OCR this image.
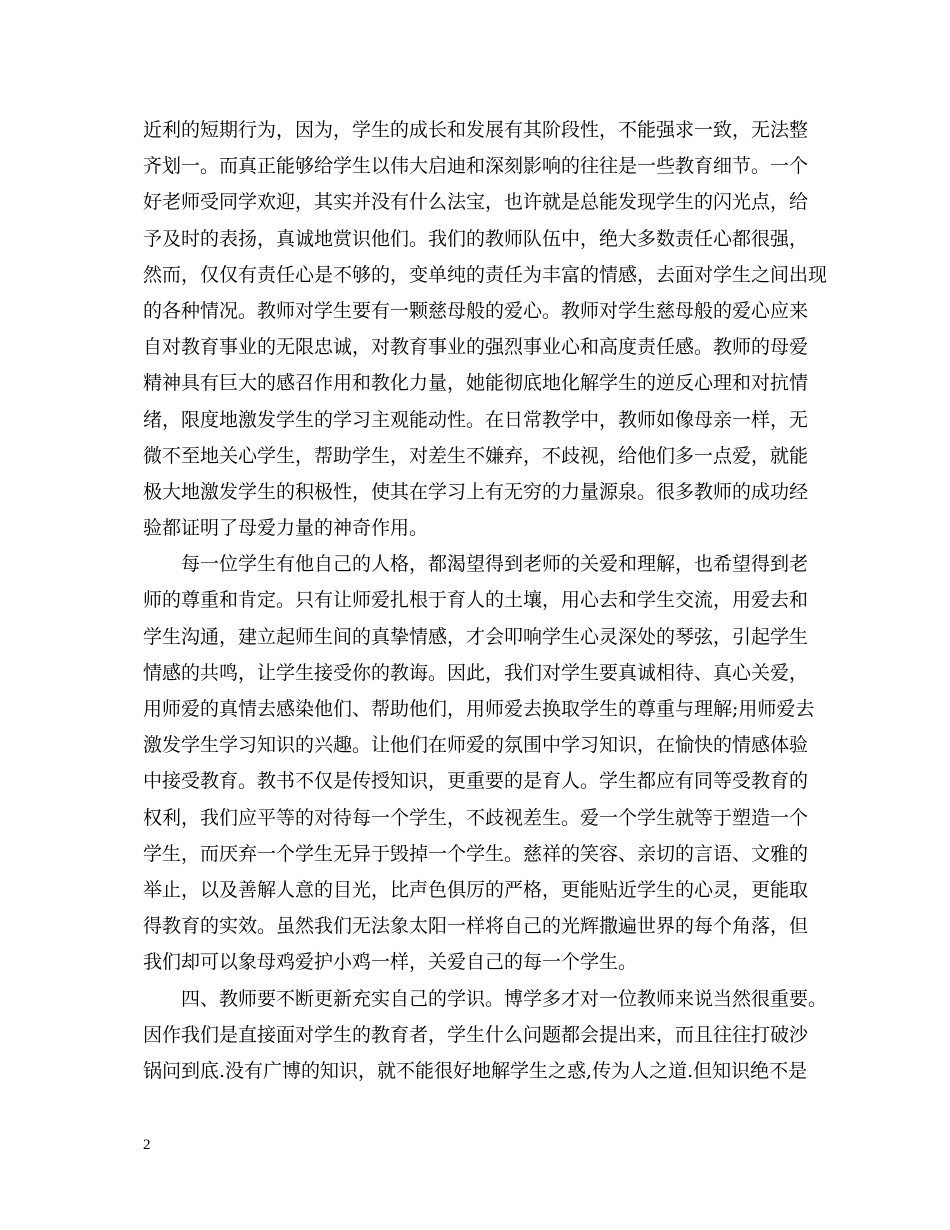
近利的短期行为，因为，学生的成长和发展有其阶段性，不能强求一致，无法整
齐划一。而真正能够给学生以伟大启迪和深刻影响的往往是一些教育细节。一个
好老师受同学欢迎，其实并没有什么法宝，也许就是总能发现学生的闪光点，给
予及时的表扬，真诚地赏识他们。我们的教师队伍中，绝大多数责任心都很强，
然而，仅仅有责任心是不够的，变单纯的责任为丰富的情感，去面对学生之间出现
的各种情况。教师对学生要有一颗慈母般的爱心。教师对学生慈母般的爱心应来
自对教育事业的无限忠诚，对教育事业的强烈事业心和高度责任感。教师的母爱
精神具有巨大的感召作用和教化力量，她能彻底地化解学生的逆反心理和对抗情
绪，限度地激发学生的学习主观能动性。在日常教学中，教师如像母亲一样，无
微不至地关心学生，帮助学生，对差生不嫌弃，不歧视，给他们多一点爱，就能
极大地激发学生的积极性，使其在学习上有无穷的力量源泉。很多教师的成功经
验都证明了母爱力量的神奇作用。
每一位学生有他自己的人格，都渴望得到老师的关爱和理解，也希望得到老
师的尊重和肯定。只有让师爱扎根于育人的土壤，用心去和学生交流，用爱去和
学生沟通，建立起师生间的真挚情感，才会叩响学生心灵深处的琴弦，引起学生
情感的共鸣，让学生接受你的教诲。因此，我们对学生要真诚相待、真心关爱，
用师爱的真情去感染他们、帮助他们，用师爱去换取学生的尊重与理解;用师爱去
激发学生学习知识的兴趣。让他们在师爱的氛围中学习知识，在愉快的情感体验
中接受教育。教书不仅是传授知识，更重要的是育人。学生都应有同等受教育的
权利，我们应平等的对待每一个学生，不歧视差生。爱一个学生就等于塑造一个
学生，而厌弃一个学生无异于毁掉一个学生。慈祥的笑容、亲切的言语、文雅的
举止，以及善解人意的目光，比声色俱厉的严格，更能贴近学生的心灵，更能取
得教育的实效。虽然我们无法象太阳一样将自己的光辉撒遍世界的每个角落，但
我们却可以象母鸡爱护小鸡一样，关爱自己的每一个学生。
四、教师要不断更新充实自己的学识。博学多才对一位教师来说当然很重要。
因作我们是直接面对学生的教育者，学生什么问题都会提出来，而且往往打破沙
锅问到底.没有广博的知识，就不能很好地解学生之惑,传为人之道.但知识绝不是
2
